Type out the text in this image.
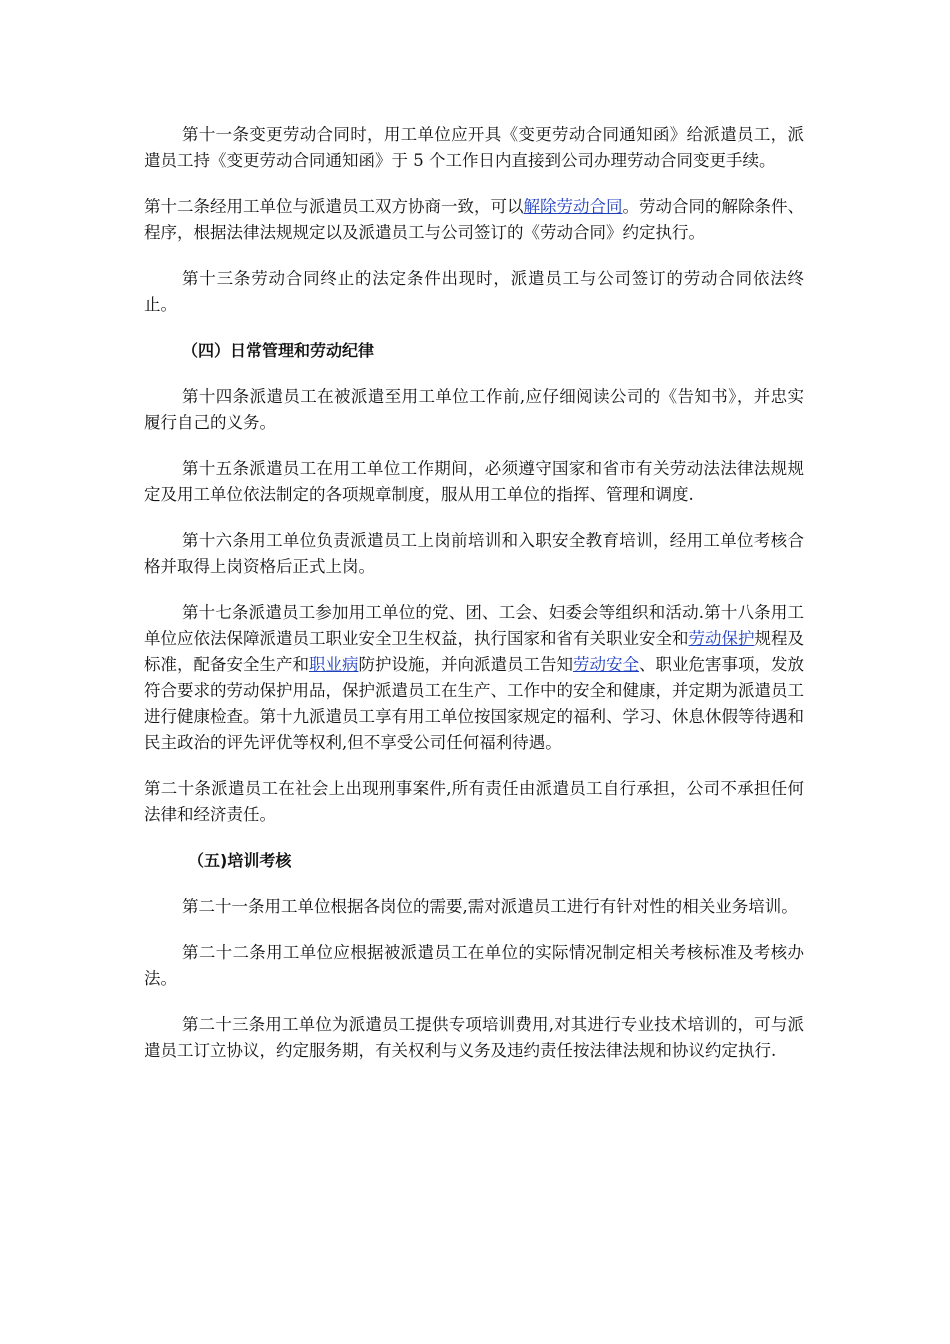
第十一条变更劳动合同时，用工单位应开具《变更劳动合同通知函》给派遣员工，派遣员工持《变更劳动合同通知函》于 5 个工作日内直接到公司办理劳动合同变更手续。

第十二条经用工单位与派遣员工双方协商一致，可以解除劳动合同。劳动合同的解除条件、程序，根据法律法规规定以及派遣员工与公司签订的《劳动合同》约定执行。

第十三条劳动合同终止的法定条件出现时，派遣员工与公司签订的劳动合同依法终止。

（四）日常管理和劳动纪律

第十四条派遣员工在被派遣至用工单位工作前,应仔细阅读公司的《告知书》，并忠实履行自己的义务。

第十五条派遣员工在用工单位工作期间，必须遵守国家和省市有关劳动法法律法规规定及用工单位依法制定的各项规章制度，服从用工单位的指挥、管理和调度.

第十六条用工单位负责派遣员工上岗前培训和入职安全教育培训，经用工单位考核合格并取得上岗资格后正式上岗。

第十七条派遣员工参加用工单位的党、团、工会、妇委会等组织和活动.第十八条用工单位应依法保障派遣员工职业安全卫生权益，执行国家和省有关职业安全和劳动保护规程及标准，配备安全生产和职业病防护设施，并向派遣员工告知劳动安全、职业危害事项，发放符合要求的劳动保护用品，保护派遣员工在生产、工作中的安全和健康，并定期为派遣员工进行健康检查。第十九派遣员工享有用工单位按国家规定的福利、学习、休息休假等待遇和民主政治的评先评优等权利,但不享受公司任何福利待遇。

第二十条派遣员工在社会上出现刑事案件,所有责任由派遣员工自行承担，公司不承担任何法律和经济责任。

（五)培训考核

第二十一条用工单位根据各岗位的需要,需对派遣员工进行有针对性的相关业务培训。

第二十二条用工单位应根据被派遣员工在单位的实际情况制定相关考核标准及考核办法。

第二十三条用工单位为派遣员工提供专项培训费用,对其进行专业技术培训的，可与派遣员工订立协议，约定服务期，有关权利与义务及违约责任按法律法规和协议约定执行.
